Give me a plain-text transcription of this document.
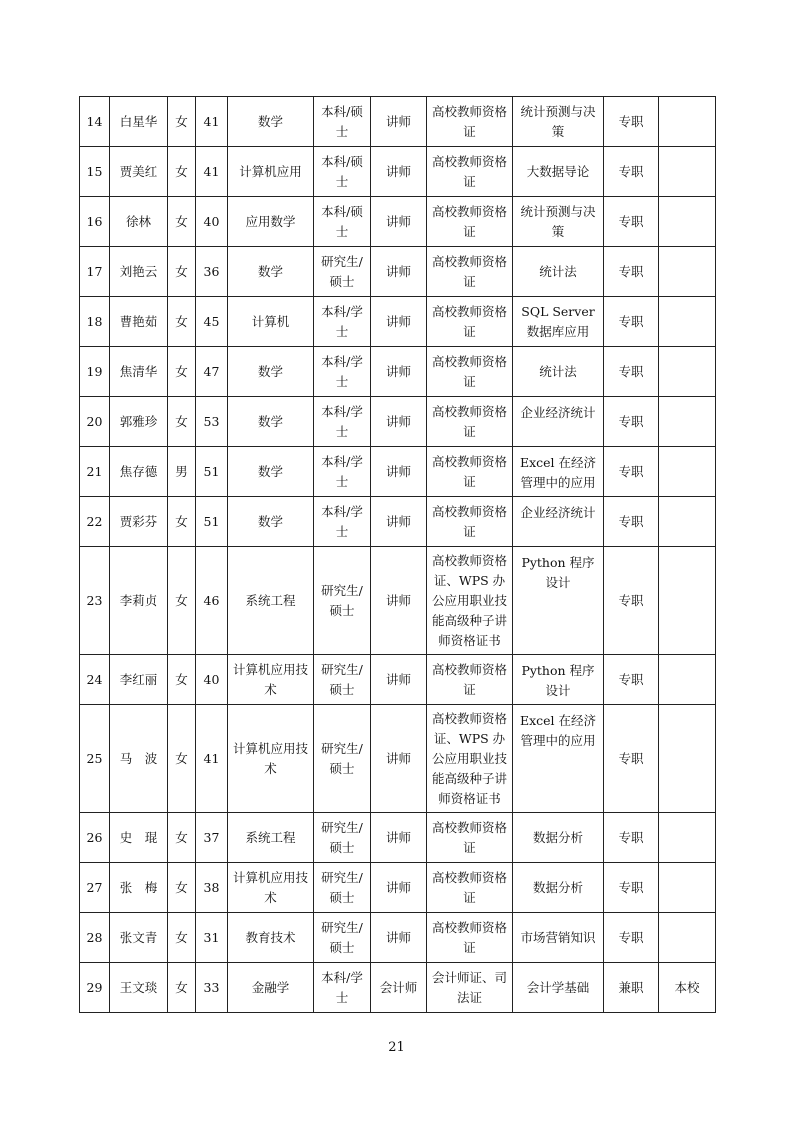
14	白星华	女	41	数学	本科/硕士	讲师	高校教师资格证	统计预测与决策	专职	
15	贾美红	女	41	计算机应用	本科/硕士	讲师	高校教师资格证	大数据导论	专职	
16	徐林	女	40	应用数学	本科/硕士	讲师	高校教师资格证	统计预测与决策	专职	
17	刘艳云	女	36	数学	研究生/硕士	讲师	高校教师资格证	统计法	专职	
18	曹艳茹	女	45	计算机	本科/学士	讲师	高校教师资格证	SQL Server 数据库应用	专职	
19	焦清华	女	47	数学	本科/学士	讲师	高校教师资格证	统计法	专职	
20	郭雅珍	女	53	数学	本科/学士	讲师	高校教师资格证	企业经济统计	专职	
21	焦存德	男	51	数学	本科/学士	讲师	高校教师资格证	Excel 在经济管理中的应用	专职	
22	贾彩芬	女	51	数学	本科/学士	讲师	高校教师资格证	企业经济统计	专职	
23	李莉贞	女	46	系统工程	研究生/硕士	讲师	高校教师资格证、WPS 办公应用职业技能高级种子讲师资格证书	Python 程序设计	专职	
24	李红丽	女	40	计算机应用技术	研究生/硕士	讲师	高校教师资格证	Python 程序设计	专职	
25	马　波	女	41	计算机应用技术	研究生/硕士	讲师	高校教师资格证、WPS 办公应用职业技能高级种子讲师资格证书	Excel 在经济管理中的应用	专职	
26	史　琨	女	37	系统工程	研究生/硕士	讲师	高校教师资格证	数据分析	专职	
27	张　梅	女	38	计算机应用技术	研究生/硕士	讲师	高校教师资格证	数据分析	专职	
28	张文青	女	31	教育技术	研究生/硕士	讲师	高校教师资格证	市场营销知识	专职	
29	王文琰	女	33	金融学	本科/学士	会计师	会计师证、司法证	会计学基础	兼职	本校
21
